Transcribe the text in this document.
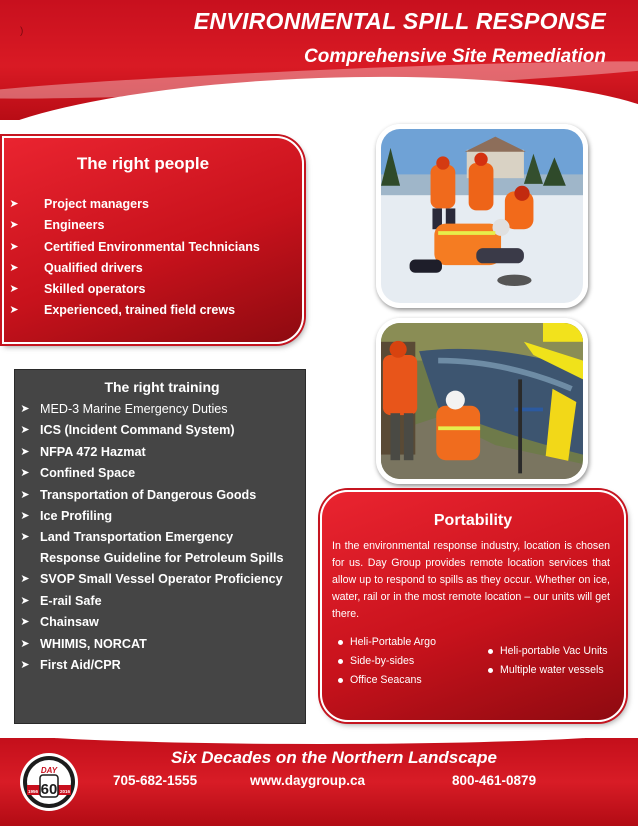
)	ENVIRONMENTAL SPILL RESPONSE
Comprehensive Site Remediation
The right people
➤ Project managers
➤ Engineers
➤ Certified Environmental Technicians
➤ Qualified drivers
➤ Skilled operators
➤ Experienced, trained field crews
The right training
➤ MED-3 Marine Emergency Duties
➤ ICS (Incident Command System)
➤ NFPA 472 Hazmat
➤ Confined Space
➤ Transportation of Dangerous Goods
➤ Ice Profiling
➤ Land Transportation Emergency
Response Guideline for Petroleum Spills
➤ SVOP Small Vessel Operator Proficiency
➤ E-rail Safe
➤ Chainsaw
➤ WHIMIS, NORCAT
➤ First Aid/CPR
Portability

In the environmental response industry, location is chosen for us. Day Group provides remote location services that allow up to respond to spills as they occur. Whether on ice, water, rail or in the most remote location – our units will get there.

Heli-Portable Argo
Side-by-sides
Office Seacans
Heli-portable Vac Units
Multiple water vessels
DAY
60
1956	2016
Six Decades on the Northern Landscape
705-682-1555	www.daygroup.ca	800-461-0879
